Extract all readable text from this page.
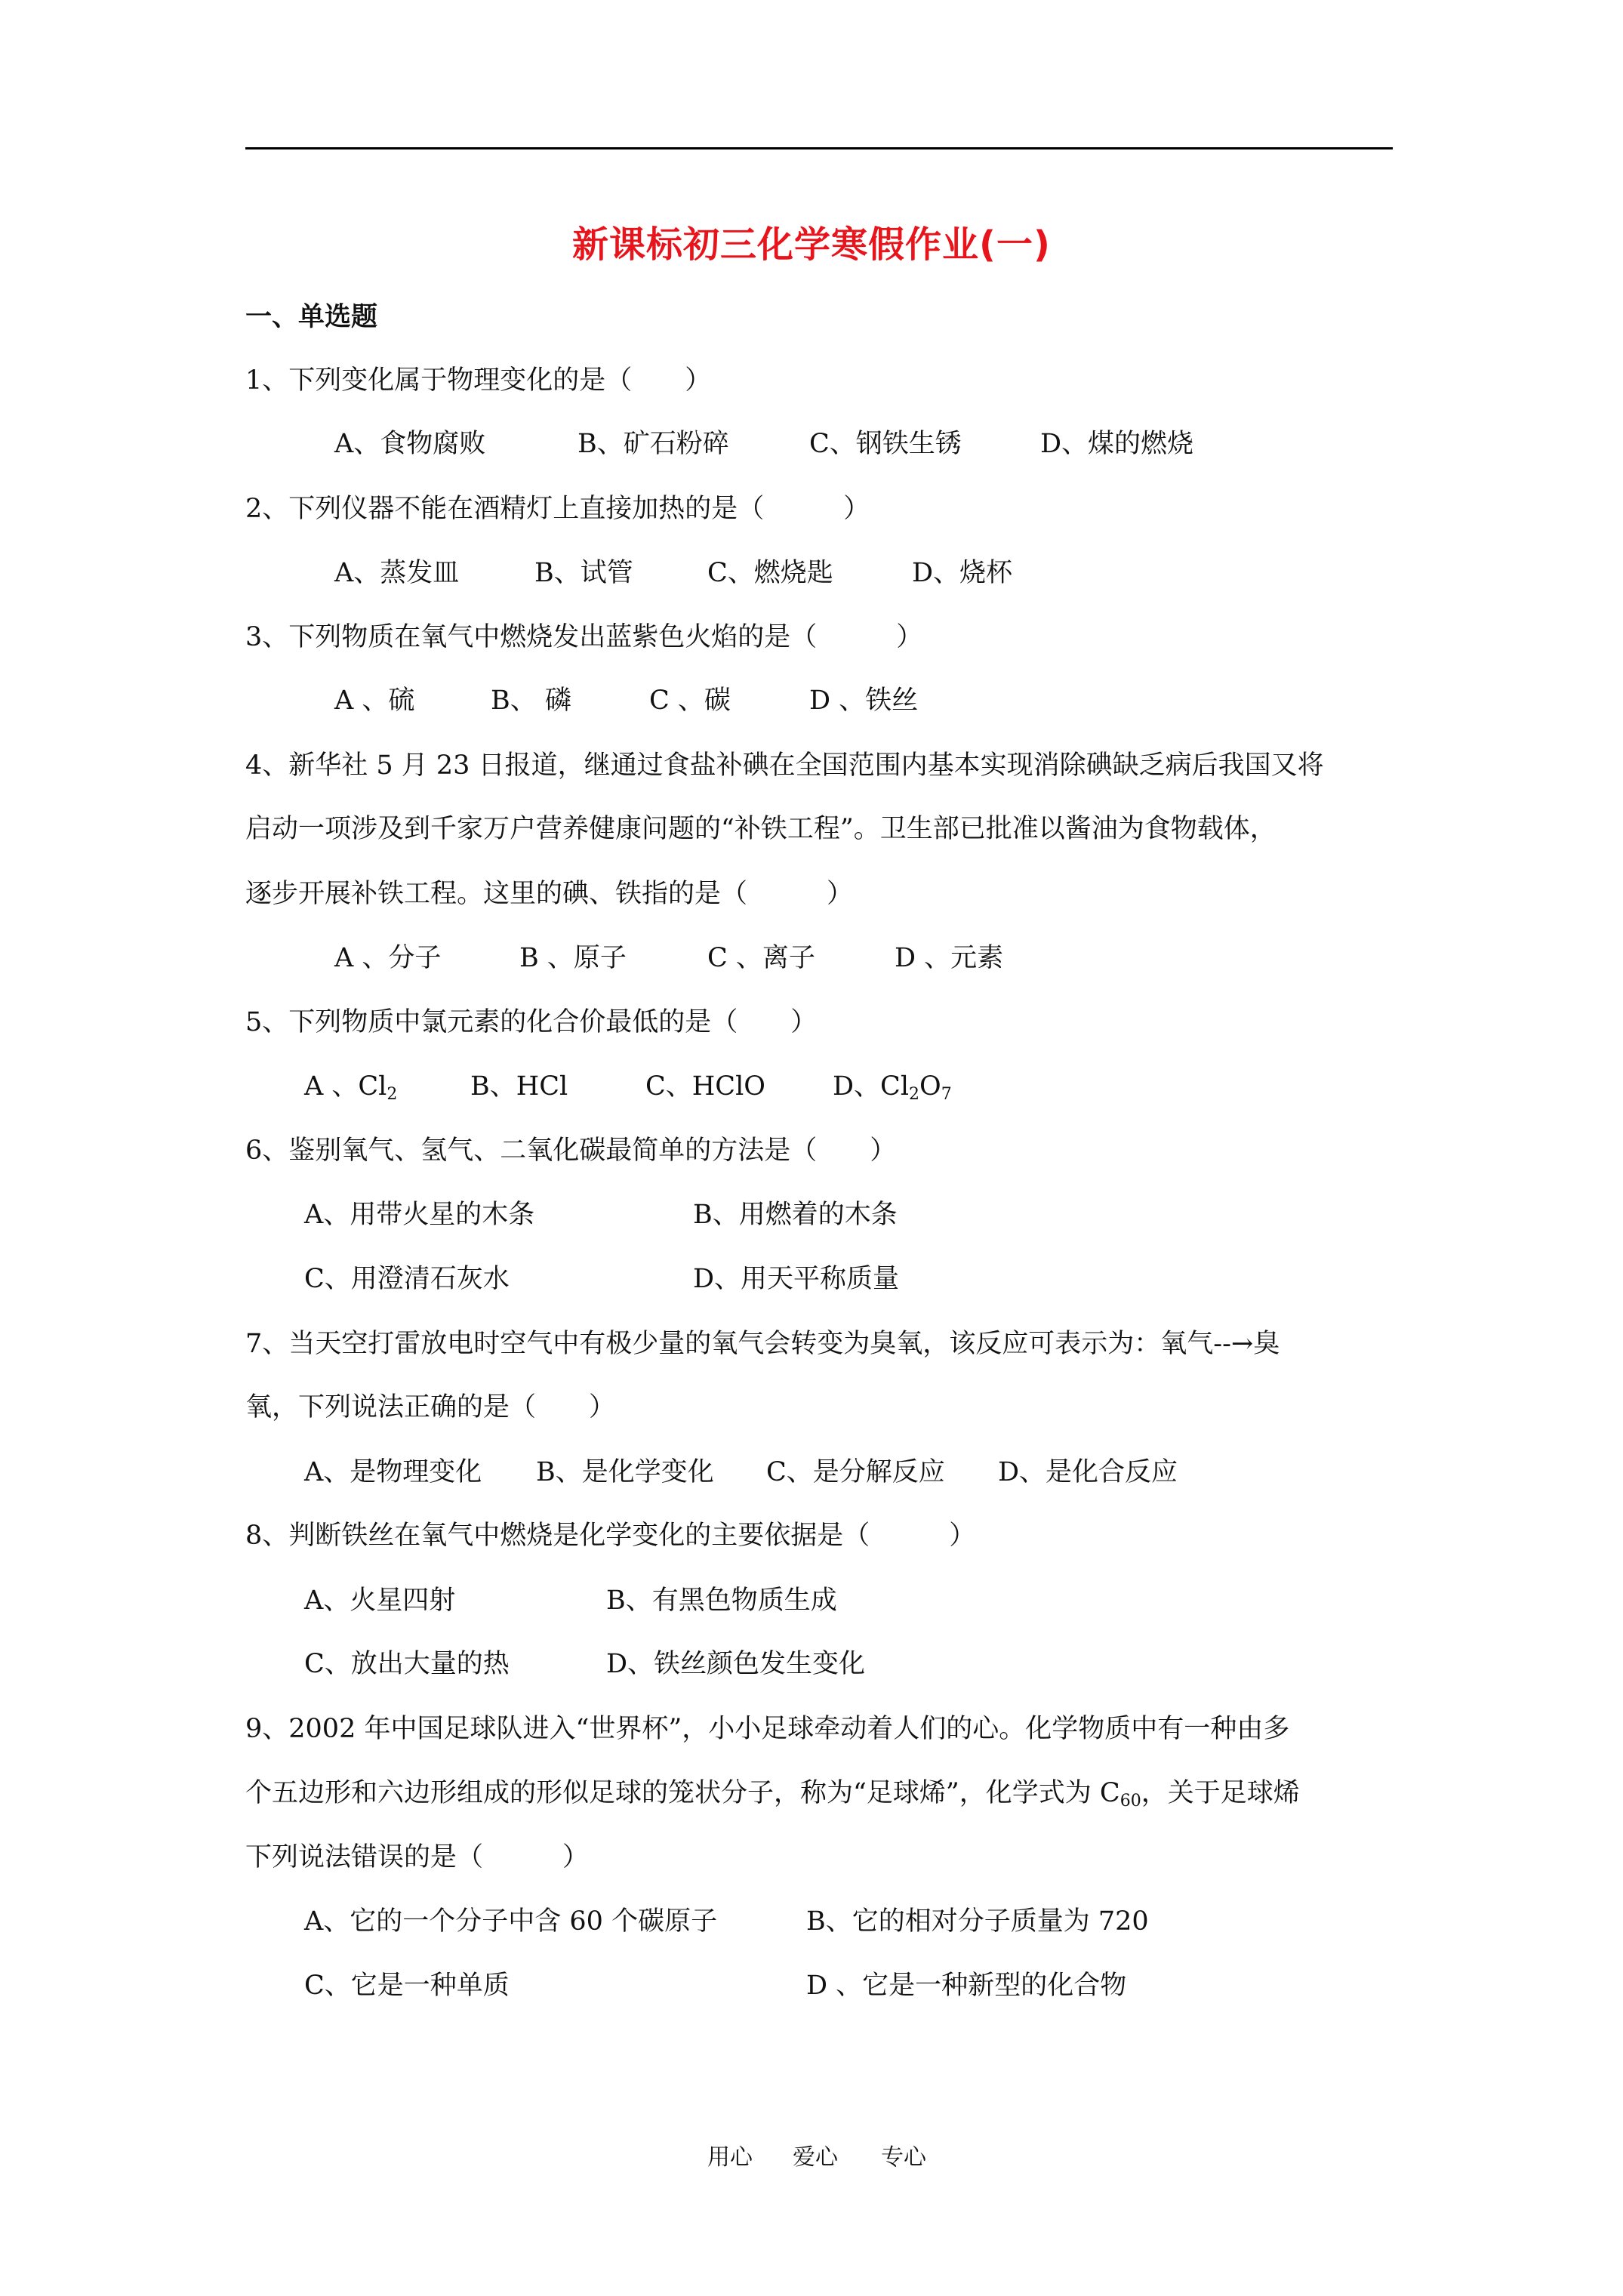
新课标初三化学寒假作业(一)
一、单选题
1、下列变化属于物理变化的是（　　）
A、食物腐败	B、矿石粉碎	C、钢铁生锈	D、煤的燃烧
2、下列仪器不能在酒精灯上直接加热的是（　　　）
A、蒸发皿	B、试管	C、燃烧匙	D、烧杯
3、下列物质在氧气中燃烧发出蓝紫色火焰的是（　　　）
A 、硫	B、 磷	C 、碳	D 、铁丝
4、新华社 5 月 23 日报道，继通过食盐补碘在全国范围内基本实现消除碘缺乏病后我国又将
启动一项涉及到千家万户营养健康问题的“补铁工程”。卫生部已批准以酱油为食物载体，
逐步开展补铁工程。这里的碘、铁指的是（　　　）
A 、分子	B 、原子	C 、离子	D 、元素
5、下列物质中氯元素的化合价最低的是（　　）
A 、$Cl_2$	B、HCl	C、HClO	D、$Cl_2O_7$
6、鉴别氧气、氢气、二氧化碳最简单的方法是（　　）
A、用带火星的木条	B、用燃着的木条
C、用澄清石灰水	D、用天平称质量
7、当天空打雷放电时空气中有极少量的氧气会转变为臭氧，该反应可表示为：氧气--→臭
氧，下列说法正确的是（　　）
A、是物理变化 B、是化学变化 C、是分解反应 D、是化合反应
8、判断铁丝在氧气中燃烧是化学变化的主要依据是（　　　）
A、火星四射	B、有黑色物质生成
C、放出大量的热	D、铁丝颜色发生变化
9、2002 年中国足球队进入“世界杯”，小小足球牵动着人们的心。化学物质中有一种由多
个五边形和六边形组成的形似足球的笼状分子，称为“足球烯”，化学式为 $C_{60}$，关于足球烯
下列说法错误的是（　　　）
A、它的一个分子中含 60 个碳原子	B、它的相对分子质量为 720
C、它是一种单质	D 、它是一种新型的化合物
用心 爱心 专心
